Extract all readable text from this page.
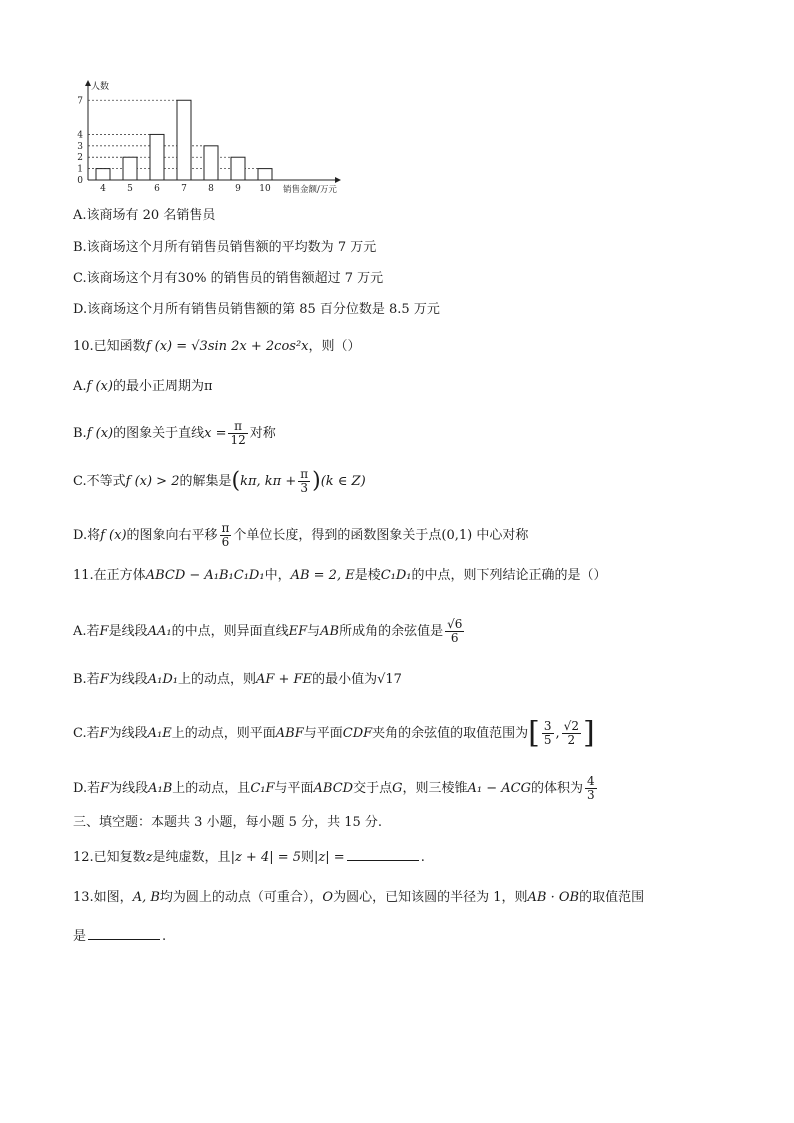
0
1
2
3
4
7
人数
4 5 6 7 8 9 10 销售金额/万元
A.该商场有 20 名销售员
B.该商场这个月所有销售员销售额的平均数为 7 万元
C.该商场这个月有30% 的销售员的销售额超过 7 万元
D.该商场这个月所有销售员销售额的第 85 百分位数是 8.5 万元
10.已知函数f (x) = √3sin 2x + 2cos²x，则（）
A.f (x)的最小正周期为π
B.f (x)的图象关于直线$x = \frac{\pi}{12}$ 对称
C.不等式f (x) > 2的解集是(kπ, $k\pi + \frac{\pi}{3} )(k$ ∈ Z)
D.将f (x)的图象向右平移 $\frac{\pi}{6}$ 个单位长度，得到的函数图象关于点(0,1) 中心对称
11.在正方体ABCD − A₁B₁C₁D₁中，AB = 2, E是棱C₁D₁的中点，则下列结论正确的是（）
A.若F是线段AA₁的中点，则异面直线EF与AB所成角的余弦值是 $\frac{√6}{6}$
B.若F为线段A₁D₁上的动点，则AF + FE的最小值为√17
C.若F为线段A₁E上的动点，则平面ABF与平面CDF夹角的余弦值的取值范围为[ $\frac{3}{5}$ , $\frac{√2}{2}$ ]
D.若F为线段A₁B上的动点，且C₁F与平面ABCD交于点G，则三棱锥A₁ − ACG的体积为 $\frac{4}{3}$
三、填空题：本题共 3 小题，每小题 5 分，共 15 分.
12.已知复数z是纯虚数，且|z + 4| = 5则|z| =	.
13.如图，A, B均为圆上的动点（可重合），O为圆心，已知该圆的半径为 1，则AB · OB的取值范围
是	.
